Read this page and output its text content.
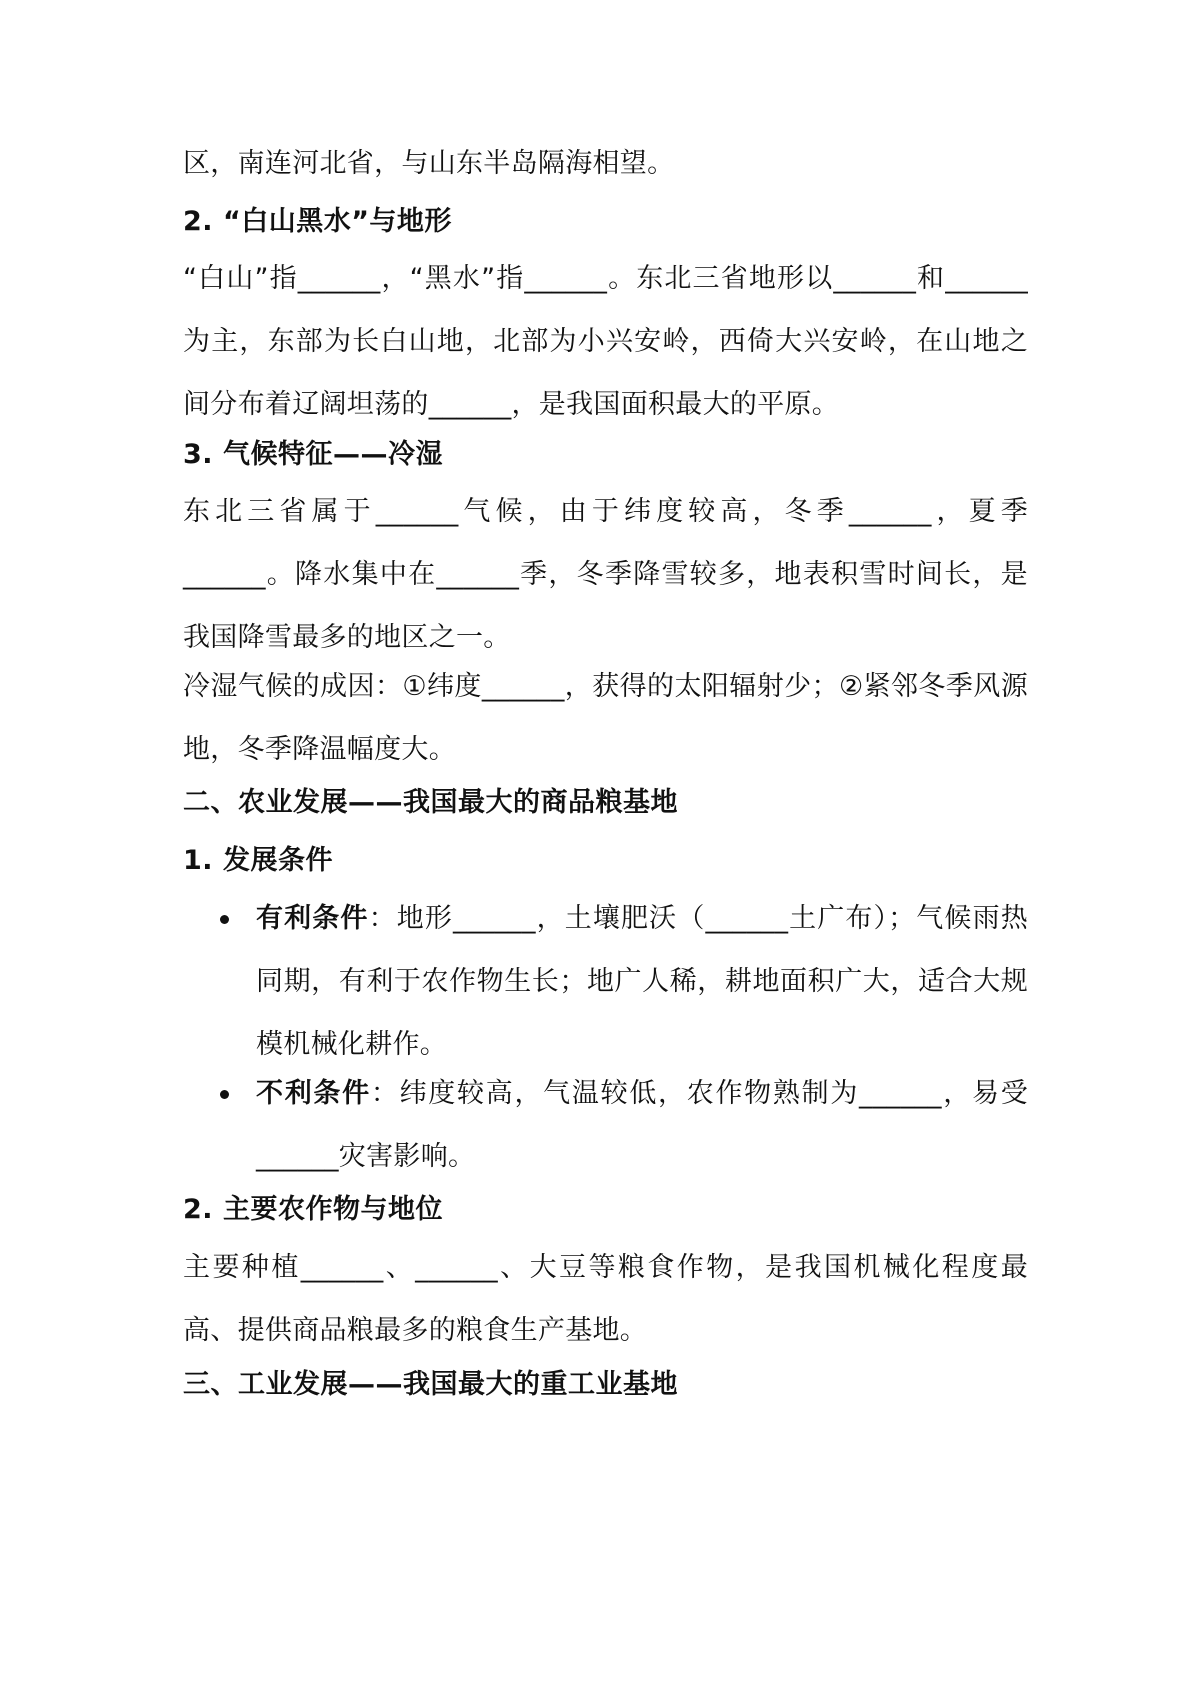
区，南连河北省，与山东半岛隔海相望。
2. “白山黑水”与地形
“白山”指______，“黑水”指______。东北三省地形以______和______为主，东部为长白山地，北部为小兴安岭，西倚大兴安岭，在山地之间分布着辽阔坦荡的______，是我国面积最大的平原。
3. 气候特征——冷湿
东北三省属于______气候，由于纬度较高，冬季______，夏季______。降水集中在______季，冬季降雪较多，地表积雪时间长，是我国降雪最多的地区之一。
冷湿气候的成因：①纬度______，获得的太阳辐射少；②紧邻冬季风源地，冬季降温幅度大。
二、农业发展——我国最大的商品粮基地
1. 发展条件
有利条件：地形______，土壤肥沃（______土广布）；气候雨热同期，有利于农作物生长；地广人稀，耕地面积广大，适合大规模机械化耕作。
不利条件：纬度较高，气温较低，农作物熟制为______，易受______灾害影响。
2. 主要农作物与地位
主要种植______、______、大豆等粮食作物，是我国机械化程度最高、提供商品粮最多的粮食生产基地。
三、工业发展——我国最大的重工业基地
